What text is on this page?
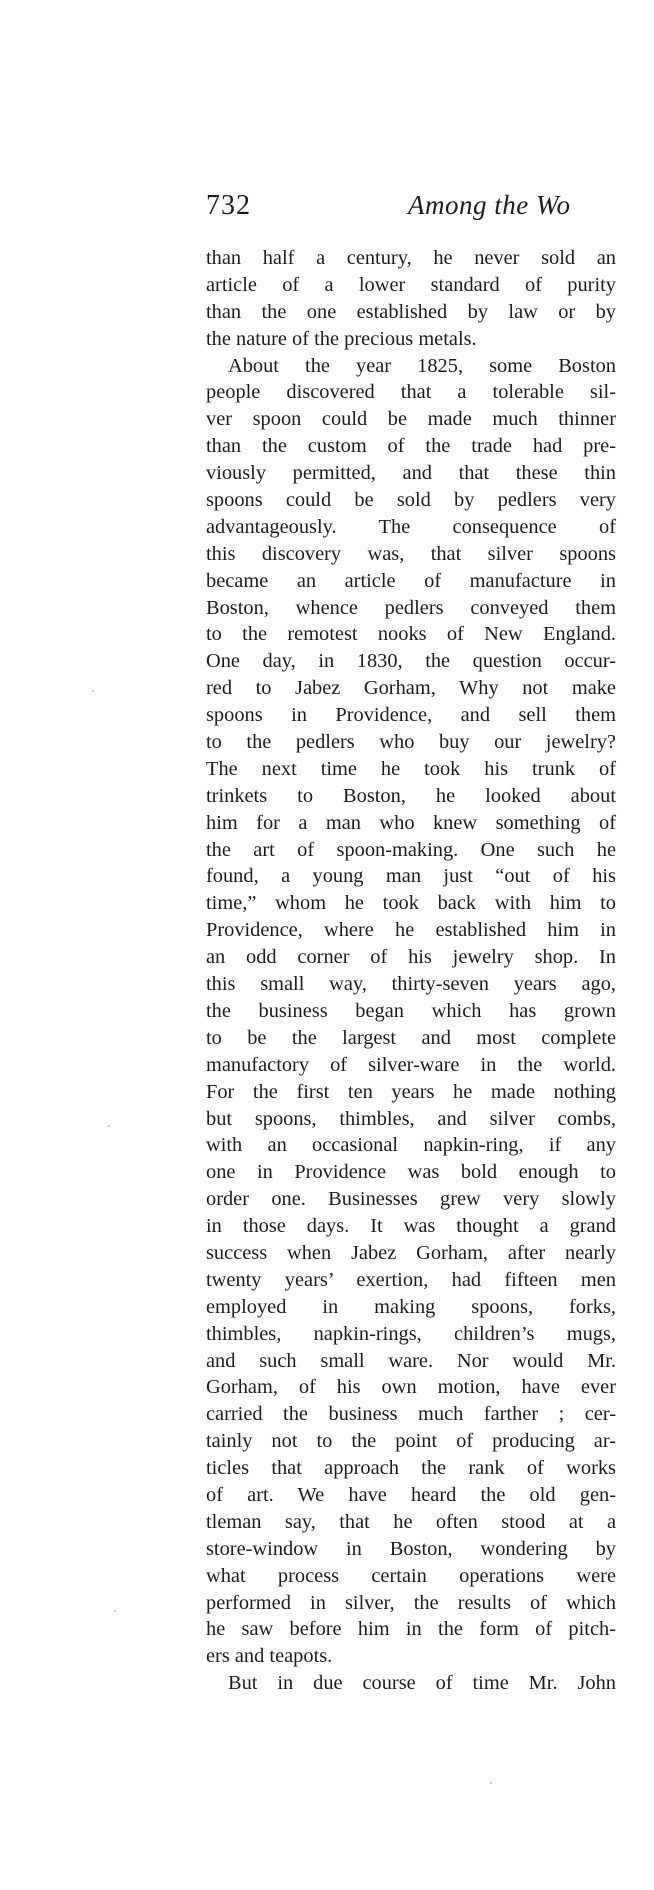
732	Among the Wo
than half a century, he never sold an
article of a lower standard of purity
than the one established by law or by
the nature of the precious metals.
About the year 1825, some Boston
people discovered that a tolerable sil-
ver spoon could be made much thinner
than the custom of the trade had pre-
viously permitted, and that these thin
spoons could be sold by pedlers very
advantageously. The consequence of
this discovery was, that silver spoons
became an article of manufacture in
Boston, whence pedlers conveyed them
to the remotest nooks of New England.
One day, in 1830, the question occur-
red to Jabez Gorham, Why not make
spoons in Providence, and sell them
to the pedlers who buy our jewelry?
The next time he took his trunk of
trinkets to Boston, he looked about
him for a man who knew something of
the art of spoon-making. One such he
found, a young man just “out of his
time,” whom he took back with him to
Providence, where he established him in
an odd corner of his jewelry shop. In
this small way, thirty-seven years ago,
the business began which has grown
to be the largest and most complete
manufactory of silver-ware in the world.
For the first ten years he made nothing
but spoons, thimbles, and silver combs,
with an occasional napkin-ring, if any
one in Providence was bold enough to
order one. Businesses grew very slowly
in those days. It was thought a grand
success when Jabez Gorham, after nearly
twenty years’ exertion, had fifteen men
employed in making spoons, forks,
thimbles, napkin-rings, children’s mugs,
and such small ware. Nor would Mr.
Gorham, of his own motion, have ever
carried the business much farther ; cer-
tainly not to the point of producing ar-
ticles that approach the rank of works
of art. We have heard the old gen-
tleman say, that he often stood at a
store-window in Boston, wondering by
what process certain operations were
performed in silver, the results of which
he saw before him in the form of pitch-
ers and teapots.
But in due course of time Mr. John
